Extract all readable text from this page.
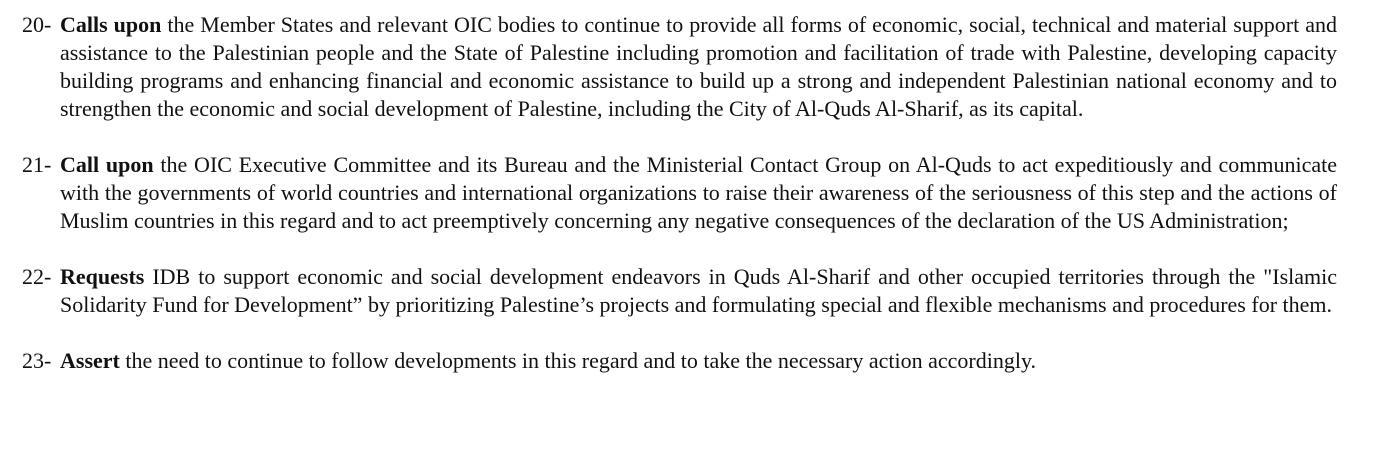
20- Calls upon the Member States and relevant OIC bodies to continue to provide all forms of economic, social, technical and material support and assistance to the Palestinian people and the State of Palestine including promotion and facilitation of trade with Palestine, developing capacity building programs and enhancing financial and economic assistance to build up a strong and independent Palestinian national economy and to strengthen the economic and social development of Palestine, including the City of Al-Quds Al-Sharif, as its capital.
21- Call upon the OIC Executive Committee and its Bureau and the Ministerial Contact Group on Al-Quds to act expeditiously and communicate with the governments of world countries and international organizations to raise their awareness of the seriousness of this step and the actions of Muslim countries in this regard and to act preemptively concerning any negative consequences of the declaration of the US Administration;
22- Requests IDB to support economic and social development endeavors in Quds Al-Sharif and other occupied territories through the "Islamic Solidarity Fund for Development” by prioritizing Palestine’s projects and formulating special and flexible mechanisms and procedures for them.
23- Assert the need to continue to follow developments in this regard and to take the necessary action accordingly.
